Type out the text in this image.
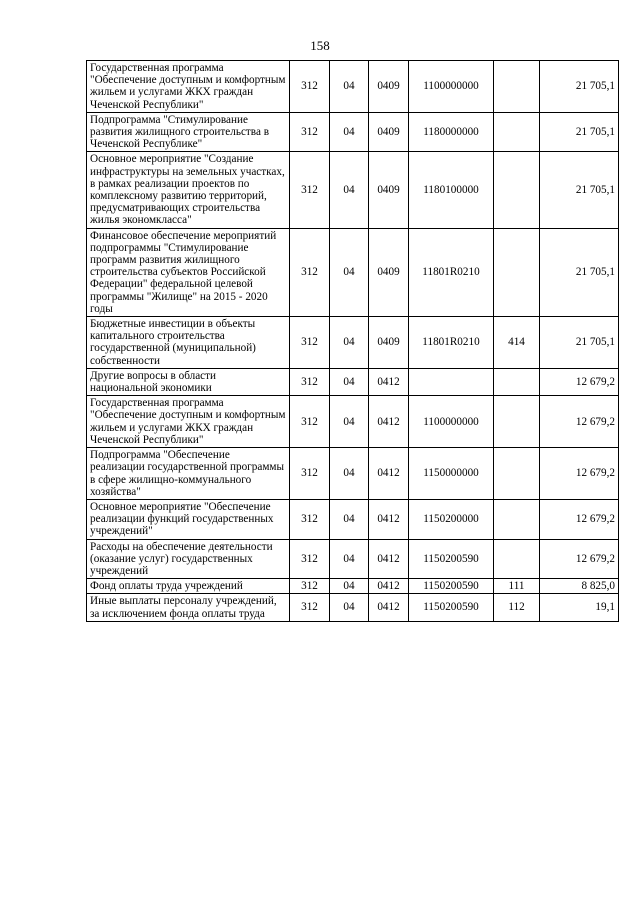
158
Государственная программа "Обеспечение доступным и комфортным жильем и услугами ЖКХ граждан Чеченской Республики"	312	04	0409	1100000000		21 705,1
Подпрограмма "Стимулирование развития жилищного строительства в Чеченской Республике"	312	04	0409	1180000000		21 705,1
Основное мероприятие "Создание инфраструктуры на земельных участках, в рамках реализации проектов по комплексному развитию территорий, предусматривающих строительства жилья экономкласса"	312	04	0409	1180100000		21 705,1
Финансовое обеспечение мероприятий подпрограммы "Стимулирование программ развития жилищного строительства субъектов Российской Федерации" федеральной целевой программы "Жилище" на 2015 - 2020 годы	312	04	0409	11801R0210		21 705,1
Бюджетные инвестиции в объекты капитального строительства государственной (муниципальной) собственности	312	04	0409	11801R0210	414	21 705,1
Другие вопросы в области национальной экономики	312	04	0412			12 679,2
Государственная программа "Обеспечение доступным и комфортным жильем и услугами ЖКХ граждан Чеченской Республики"	312	04	0412	1100000000		12 679,2
Подпрограмма "Обеспечение реализации государственной программы в сфере жилищно-коммунального хозяйства"	312	04	0412	1150000000		12 679,2
Основное мероприятие "Обеспечение реализации функций государственных учреждений"	312	04	0412	1150200000		12 679,2
Расходы на обеспечение деятельности (оказание услуг) государственных учреждений	312	04	0412	1150200590		12 679,2
Фонд оплаты труда учреждений	312	04	0412	1150200590	111	8 825,0
Иные выплаты персоналу учреждений, за исключением фонда оплаты труда	312	04	0412	1150200590	112	19,1
